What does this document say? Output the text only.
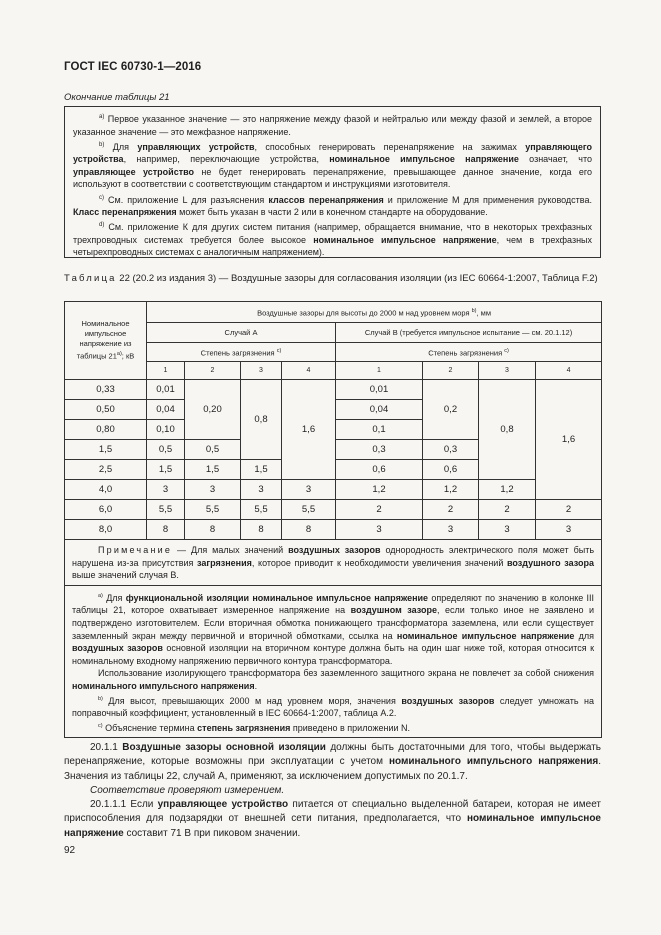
ГОСТ IEC 60730-1—2016
Окончание таблицы 21

$^{a)}$ Первое указанное значение — это напряжение между фазой и нейтралью или между фазой и землей, а второе указанное значение — это межфазное напряжение.

$^{b)}$ Для управляющих устройств, способных генерировать перенапряжение на зажимах управляющего устройства, например, переключающие устройства, номинальное импульсное напряжение означает, что управляющее устройство не будет генерировать перенапряжение, превышающее данное значение, когда его используют в соответствии с соответствующим стандартом и инструкциями изготовителя.

$^{c)}$ См. приложение L для разъяснения классов перенапряжения и приложение М для применения руководства. Класс перенапряжения может быть указан в части 2 или в конечном стандарте на оборудование.

$^{d)}$ См. приложение К для других систем питания (например, обращается внимание, что в некоторых трехфазных трехпроводных системах требуется более высокое номинальное импульсное напряжение, чем в трехфазных четырехпроводных системах с аналогичным напряжением).

Таблица 22 (20.2 из издания 3) — Воздушные зазоры для согласования изоляции (из IEC 60664-1:2007, Таблица F.2)
Номинальное импульсное напряжение из таблицы 21$^{a)}$; кВ	Воздушные зазоры для высоты до 2000 м над уровнем моря $^{b)}$, мм							
	Случай А				Случай В (требуется импульсное испытание — см. 20.1.12)			
	Степень загрязнения $^{c)}$				Степень загрязнения $^{c)}$
	1	2	3	4	1	2	3	4
0,33	0,01	0,20	0,8	1,6	0,01	0,2	0,8	1,6
0,50	0,04				0,04			
0,80	0,10				0,1			
1,5	0,5	0,5			0,3	0,3		
2,5	1,5	1,5	1,5		0,6	0,6		
4,0	3	3	3	3	1,2	1,2	1,2	
6,0	5,5	5,5	5,5	5,5	2	2	2	2
8,0	8	8	8	8	3	3	3	3

Примечание — Для малых значений воздушных зазоров однородность электрического поля может быть нарушена из-за присутствия загрязнения, которое приводит к необходимости увеличения значений воздушного зазора выше значений случая В.								

$^{a)}$ Для функциональной изоляции номинальное импульсное напряжение определяют по значению в колонке III таблицы 21, которое охватывает измеренное напряжение на воздушном зазоре, если только иное не заявлено и подтверждено изготовителем. Если вторичная обмотка понижающего трансформатора заземлена, или если существует заземленный экран между первичной и вторичной обмотками, ссылка на номинальное импульсное напряжение для воздушных зазоров основной изоляции на вторичном контуре должна быть на один шаг ниже той, которая относится к номинальному входному напряжению первичного контура трансформатора.

Использование изолирующего трансформатора без заземленного защитного экрана не повлечет за собой снижения номинального импульсного напряжения.

$^{b)}$ Для высот, превышающих 2000 м над уровнем моря, значения воздушных зазоров следует умножать на поправочный коэффициент, установленный в IEC 60664-1:2007, таблица А.2.

$^{c)}$ Объяснение термина степень загрязнения приведено в приложении N.								

20.1.1 Воздушные зазоры основной изоляции должны быть достаточными для того, чтобы выдержать перенапряжение, которые возможны при эксплуатации с учетом номинального импульсного напряжения. Значения из таблицы 22, случай А, применяют, за исключением допустимых по 20.1.7.

Соответствие проверяют измерением.

20.1.1.1 Если управляющее устройство питается от специально выделенной батареи, которая не имеет приспособления для подзарядки от внешней сети питания, предполагается, что номинальное импульсное напряжение составит 71 В при пиковом значении.

92
